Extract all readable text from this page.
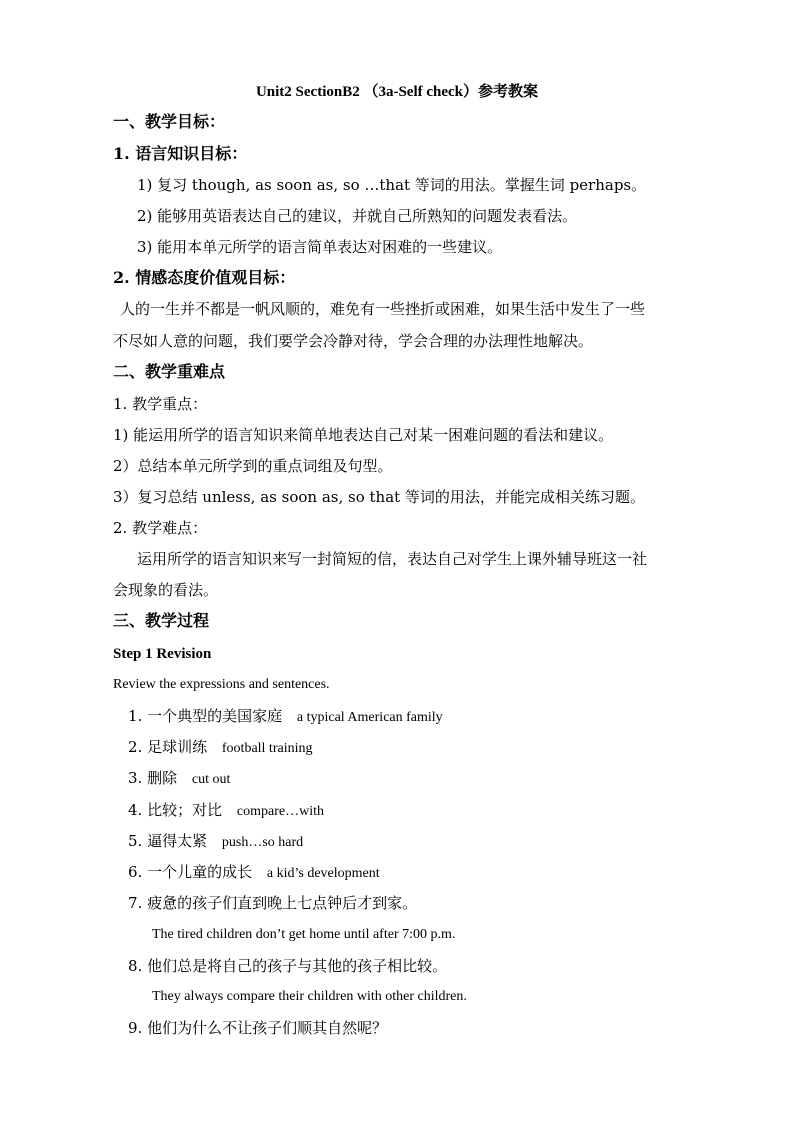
Unit2 SectionB2 （3a-Self check）参考教案
一、教学目标：
1. 语言知识目标：
1) 复习 though, as soon as, so …that 等词的用法。掌握生词 perhaps。
2) 能够用英语表达自己的建议，并就自己所熟知的问题发表看法。
3) 能用本单元所学的语言简单表达对困难的一些建议。
2. 情感态度价值观目标：
人的一生并不都是一帆风顺的，难免有一些挫折或困难，如果生活中发生了一些
不尽如人意的问题，我们要学会冷静对待，学会合理的办法理性地解决。
二、教学重难点
1. 教学重点：
1) 能运用所学的语言知识来简单地表达自己对某一困难问题的看法和建议。
2）总结本单元所学到的重点词组及句型。
3）复习总结 unless, as soon as, so that 等词的用法，并能完成相关练习题。
2. 教学难点：
运用所学的语言知识来写一封简短的信，表达自己对学生上课外辅导班这一社
会现象的看法。
三、教学过程
Step 1 Revision
Review the expressions and sentences.
1. 一个典型的美国家庭 a typical American family
2. 足球训练 football training
3. 删除 cut out
4. 比较；对比 compare…with
5. 逼得太紧 push…so hard
6. 一个儿童的成长 a kid’s development
7. 疲惫的孩子们直到晚上七点钟后才到家。
The tired children don’t get home until after 7:00 p.m.
8. 他们总是将自己的孩子与其他的孩子相比较。
They always compare their children with other children.
9. 他们为什么不让孩子们顺其自然呢？
